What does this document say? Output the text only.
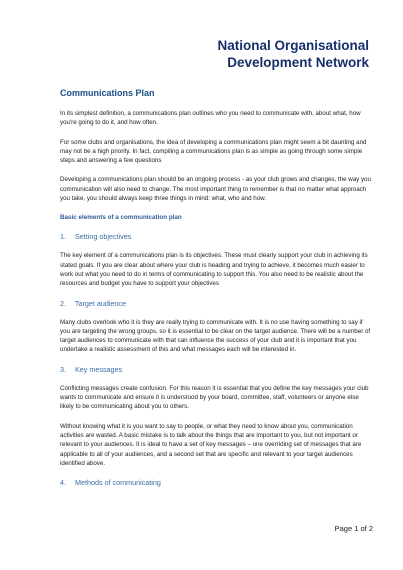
National Organisational
Development Network
Communications Plan

In its simplest definition, a communications plan outlines who you need to communicate with, about what, how you're going to do it, and how often.

For some clubs and organisations, the idea of developing a communications plan might seem a bit daunting and may not be a high priority. In fact, compiling a communications plan is as simple as going through some simple steps and answering a few questions

Developing a communications plan should be an ongoing process - as your club grows and changes, the way you communication will also need to change. The most important thing to remember is that no matter what approach you take, you should always keep three things in mind: what, who and how.

Basic elements of a communication plan
1. Setting objectives

The key element of a communications plan is its objectives. These must clearly support your club in achieving its stated goals. If you are clear about where your club is heading and trying to achieve, it becomes much easier to work out what you need to do in terms of communicating to support this. You also need to be realistic about the resources and budget you have to support your objectives

2. Target audience

Many clubs overlook who it is they are really trying to communicate with. It is no use having something to say if you are targeting the wrong groups, so it is essential to be clear on the target audience. There will be a number of target audiences to communicate with that can influence the success of your club and it is important that you undertake a realistic assessment of this and what messages each will be interested in.

3. Key messages

Conflicting messages create confusion. For this reason it is essential that you define the key messages your club wants to communicate and ensure it is understood by your board, committee, staff, volunteers or anyone else likely to be communicating about you to others.

Without knowing what it is you want to say to people, or what they need to know about you, communication activities are wasted. A basic mistake is to talk about the things that are important to you, but not important or relevant to your audiences. It is ideal to have a set of key messages – one overriding set of messages that are applicable to all of your audiences, and a second set that are specific and relevant to your target audiences identified above.

4. Methods of communicating
Page 1 of 2
